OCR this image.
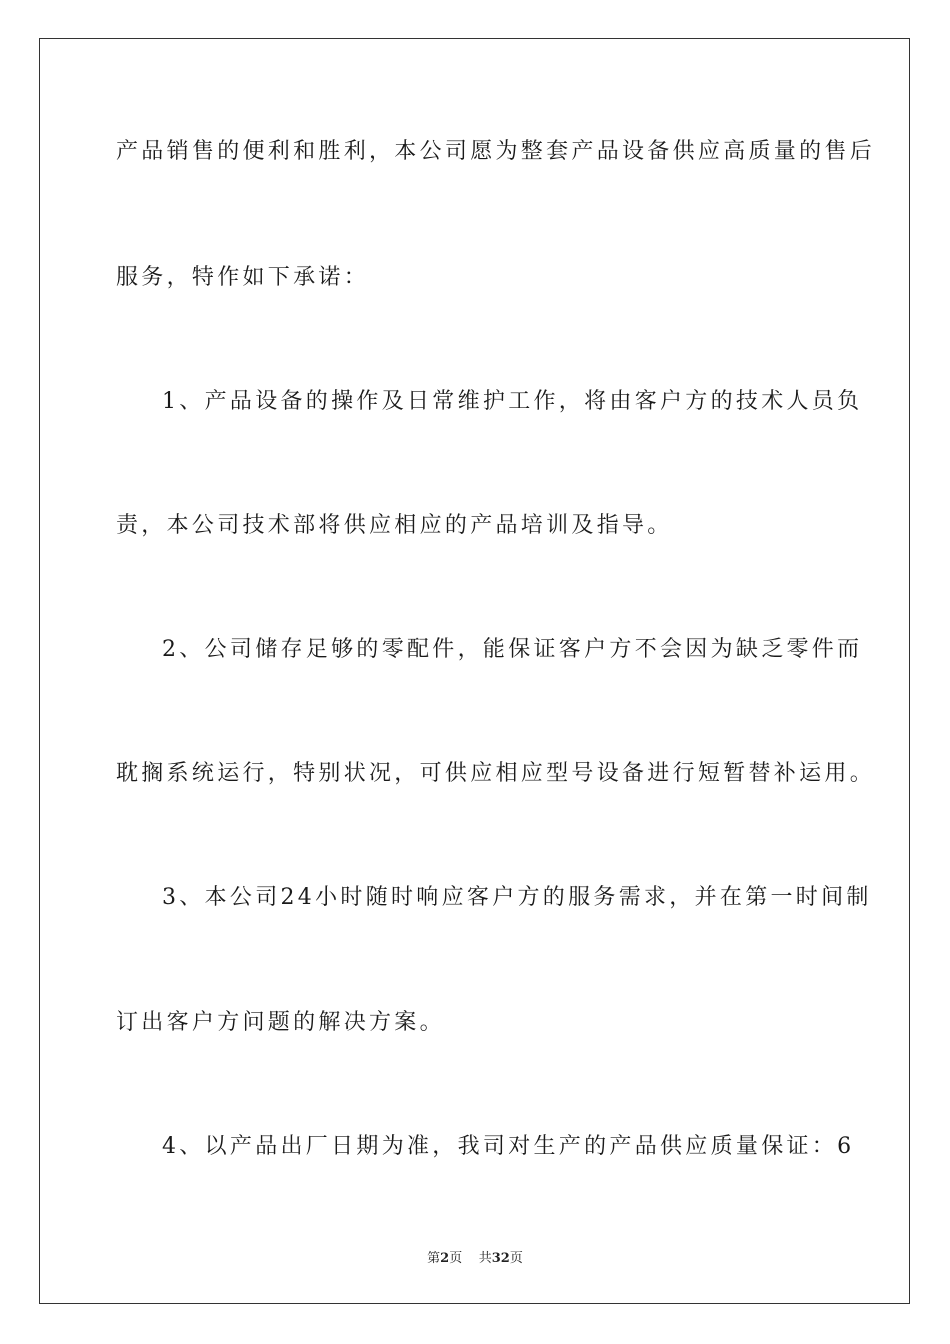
产品销售的便利和胜利，本公司愿为整套产品设备供应高质量的售后
服务，特作如下承诺：
1、产品设备的操作及日常维护工作，将由客户方的技术人员负
责，本公司技术部将供应相应的产品培训及指导。
2、公司储存足够的零配件，能保证客户方不会因为缺乏零件而
耽搁系统运行，特别状况，可供应相应型号设备进行短暂替补运用。
3、本公司24小时随时响应客户方的服务需求，并在第一时间制
订出客户方问题的解决方案。
4、以产品出厂日期为准，我司对生产的产品供应质量保证：6
第2页 共32页
